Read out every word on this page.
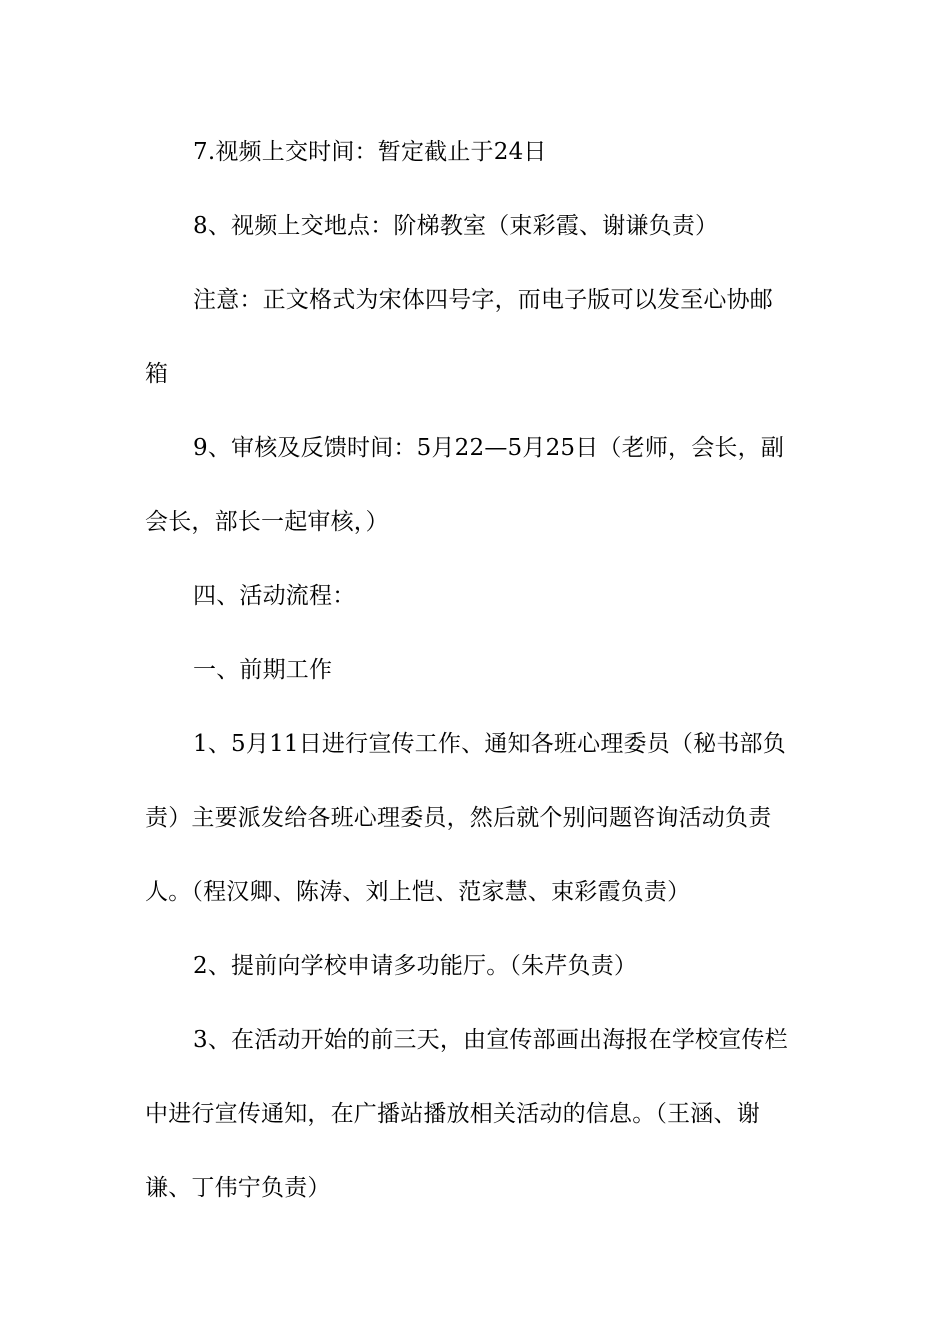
7.视频上交时间：暂定截止于24日

8、视频上交地点：阶梯教室（束彩霞、谢谦负责）

注意：正文格式为宋体四号字，而电子版可以发至心协邮

箱

9、审核及反馈时间：5月22—5月25日（老师，会长，副

会长，部长一起审核，）

四、活动流程：

一、前期工作

1、5月11日进行宣传工作、通知各班心理委员（秘书部负

责）主要派发给各班心理委员，然后就个别问题咨询活动负责

人。（程汉卿、陈涛、刘上恺、范家慧、束彩霞负责）

2、提前向学校申请多功能厅。（朱芹负责）

3、在活动开始的前三天，由宣传部画出海报在学校宣传栏

中进行宣传通知，在广播站播放相关活动的信息。（王涵、谢

谦、丁伟宁负责）
